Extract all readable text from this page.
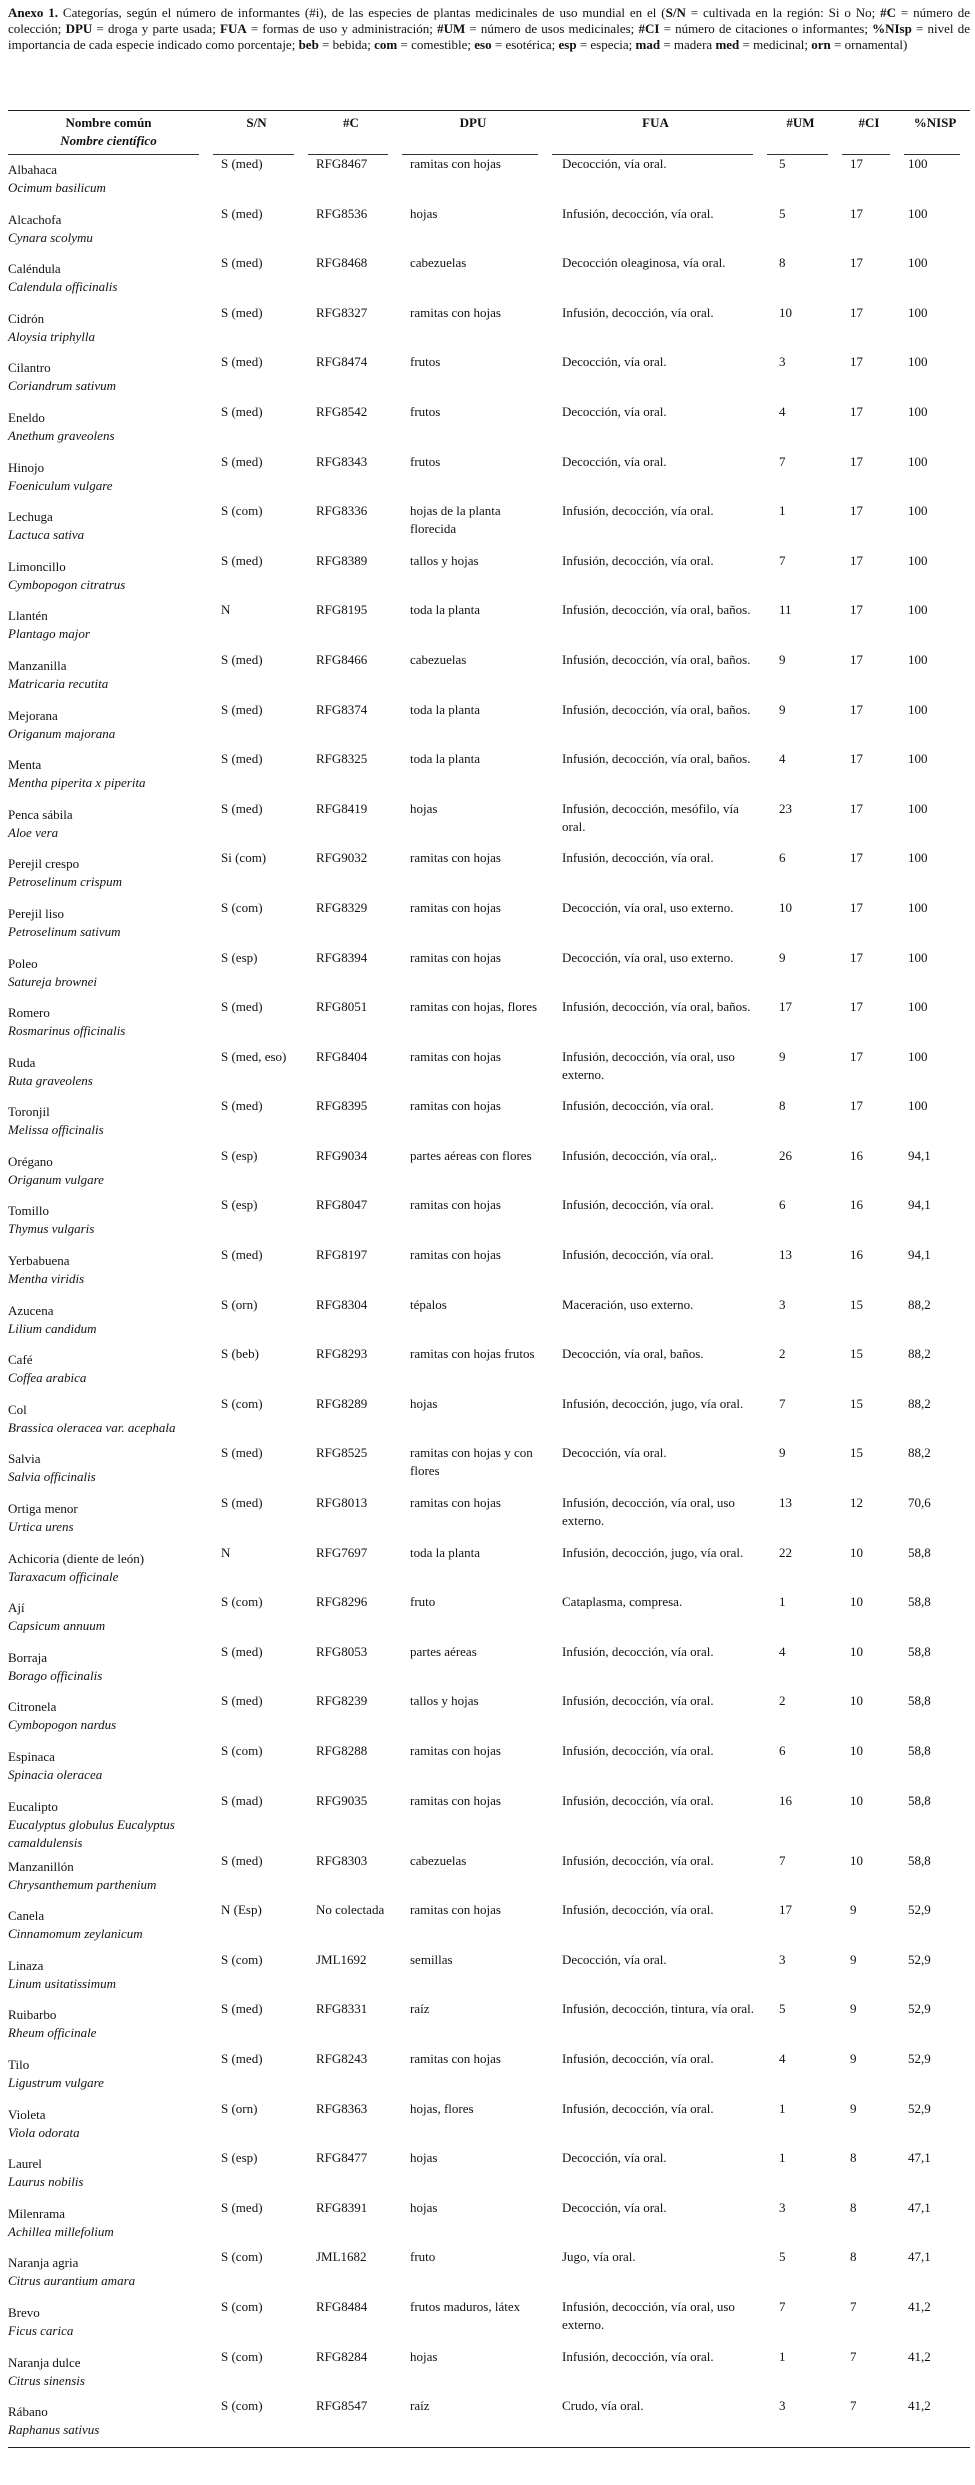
Anexo 1. Categorías, según el número de informantes (#i), de las especies de plantas medicinales de uso mundial en el (S/N = cultivada en la región: Si o No; #C = número de colección; DPU = droga y parte usada; FUA = formas de uso y administración; #UM = número de usos medicinales; #CI = número de citaciones o informantes; %NIsp = nivel de importancia de cada especie indicado como porcentaje; beb = bebida; com = comestible; eso = esotérica; esp = especia; mad = madera med = medicinal; orn = ornamental)
Nombre común
Nombre científico	S/N	#C	DPU	FUA	#UM	#CI	%NISP

Albahaca
Ocimum basilicum	S (med)	RFG8467	ramitas con hojas	Decocción, vía oral.	5	17	100

Alcachofa
Cynara scolymu	S (med)	RFG8536	hojas	Infusión, decocción, vía oral.	5	17	100

Caléndula
Calendula officinalis	S (med)	RFG8468	cabezuelas	Decocción oleaginosa, vía oral.	8	17	100

Cidrón
Aloysia triphylla	S (med)	RFG8327	ramitas con hojas	Infusión, decocción, vía oral.	10	17	100

Cilantro
Coriandrum sativum	S (med)	RFG8474	frutos	Decocción, vía oral.	3	17	100

Eneldo
Anethum graveolens	S (med)	RFG8542	frutos	Decocción, vía oral.	4	17	100

Hinojo
Foeniculum vulgare	S (med)	RFG8343	frutos	Decocción, vía oral.	7	17	100

Lechuga
Lactuca sativa	S (com)	RFG8336	hojas de la planta florecida	Infusión, decocción, vía oral.	1	17	100

Limoncillo
Cymbopogon citratrus	S (med)	RFG8389	tallos y hojas	Infusión, decocción, vía oral.	7	17	100

Llantén
Plantago major	N	RFG8195	toda la planta	Infusión, decocción, vía oral, baños.	11	17	100

Manzanilla
Matricaria recutita	S (med)	RFG8466	cabezuelas	Infusión, decocción, vía oral, baños.	9	17	100

Mejorana
Origanum majorana	S (med)	RFG8374	toda la planta	Infusión, decocción, vía oral, baños.	9	17	100

Menta
Mentha piperita x piperita	S (med)	RFG8325	toda la planta	Infusión, decocción, vía oral, baños.	4	17	100

Penca sábila
Aloe vera	S (med)	RFG8419	hojas	Infusión, decocción, mesófilo, vía oral.	23	17	100

Perejil crespo
Petroselinum crispum	Si (com)	RFG9032	ramitas con hojas	Infusión, decocción, vía oral.	6	17	100

Perejil liso
Petroselinum sativum	S (com)	RFG8329	ramitas con hojas	Decocción, vía oral, uso externo.	10	17	100

Poleo
Satureja brownei	S (esp)	RFG8394	ramitas con hojas	Decocción, vía oral, uso externo.	9	17	100

Romero
Rosmarinus officinalis	S (med)	RFG8051	ramitas con hojas, flores	Infusión, decocción, vía oral, baños.	17	17	100

Ruda
Ruta graveolens	S (med, eso)	RFG8404	ramitas con hojas	Infusión, decocción, vía oral, uso externo.	9	17	100

Toronjil
Melissa officinalis	S (med)	RFG8395	ramitas con hojas	Infusión, decocción, vía oral.	8	17	100

Orégano
Origanum vulgare	S (esp)	RFG9034	partes aéreas con flores	Infusión, decocción, vía oral,.	26	16	94,1

Tomillo
Thymus vulgaris	S (esp)	RFG8047	ramitas con hojas	Infusión, decocción, vía oral.	6	16	94,1

Yerbabuena
Mentha viridis	S (med)	RFG8197	ramitas con hojas	Infusión, decocción, vía oral.	13	16	94,1

Azucena
Lilium candidum	S (orn)	RFG8304	tépalos	Maceración, uso externo.	3	15	88,2

Café
Coffea arabica	S (beb)	RFG8293	ramitas con hojas frutos	Decocción, vía oral, baños.	2	15	88,2

Col
Brassica oleracea var. acephala	S (com)	RFG8289	hojas	Infusión, decocción, jugo, vía oral.	7	15	88,2

Salvia
Salvia officinalis	S (med)	RFG8525	ramitas con hojas y con flores	Decocción, vía oral.	9	15	88,2

Ortiga menor
Urtica urens	S (med)	RFG8013	ramitas con hojas	Infusión, decocción, vía oral, uso externo.	13	12	70,6

Achicoria (diente de león)
Taraxacum officinale	N	RFG7697	toda la planta	Infusión, decocción, jugo, vía oral.	22	10	58,8

Ají
Capsicum annuum	S (com)	RFG8296	fruto	Cataplasma, compresa.	1	10	58,8

Borraja
Borago officinalis	S (med)	RFG8053	partes aéreas	Infusión, decocción, vía oral.	4	10	58,8

Citronela
Cymbopogon nardus	S (med)	RFG8239	tallos y hojas	Infusión, decocción, vía oral.	2	10	58,8

Espinaca
Spinacia oleracea	S (com)	RFG8288	ramitas con hojas	Infusión, decocción, vía oral.	6	10	58,8

Eucalipto
Eucalyptus globulus Eucalyptus camaldulensis	S (mad)	RFG9035	ramitas con hojas	Infusión, decocción, vía oral.	16	10	58,8

Manzanillón
Chrysanthemum parthenium	S (med)	RFG8303	cabezuelas	Infusión, decocción, vía oral.	7	10	58,8

Canela
Cinnamomum zeylanicum	N (Esp)	No colectada	ramitas con hojas	Infusión, decocción, vía oral.	17	9	52,9

Linaza
Linum usitatissimum	S (com)	JML1692	semillas	Decocción, vía oral.	3	9	52,9

Ruibarbo
Rheum officinale	S (med)	RFG8331	raíz	Infusión, decocción, tintura, vía oral.	5	9	52,9

Tilo
Ligustrum vulgare	S (med)	RFG8243	ramitas con hojas	Infusión, decocción, vía oral.	4	9	52,9

Violeta
Viola odorata	S (orn)	RFG8363	hojas, flores	Infusión, decocción, vía oral.	1	9	52,9

Laurel
Laurus nobilis	S (esp)	RFG8477	hojas	Decocción, vía oral.	1	8	47,1

Milenrama
Achillea millefolium	S (med)	RFG8391	hojas	Decocción, vía oral.	3	8	47,1

Naranja agria
Citrus aurantium amara	S (com)	JML1682	fruto	Jugo, vía oral.	5	8	47,1

Brevo
Ficus carica	S (com)	RFG8484	frutos maduros, látex	Infusión, decocción, vía oral, uso externo.	7	7	41,2

Naranja dulce
Citrus sinensis	S (com)	RFG8284	hojas	Infusión, decocción, vía oral.	1	7	41,2

Rábano
Raphanus sativus	S (com)	RFG8547	raíz	Crudo, vía oral.	3	7	41,2
